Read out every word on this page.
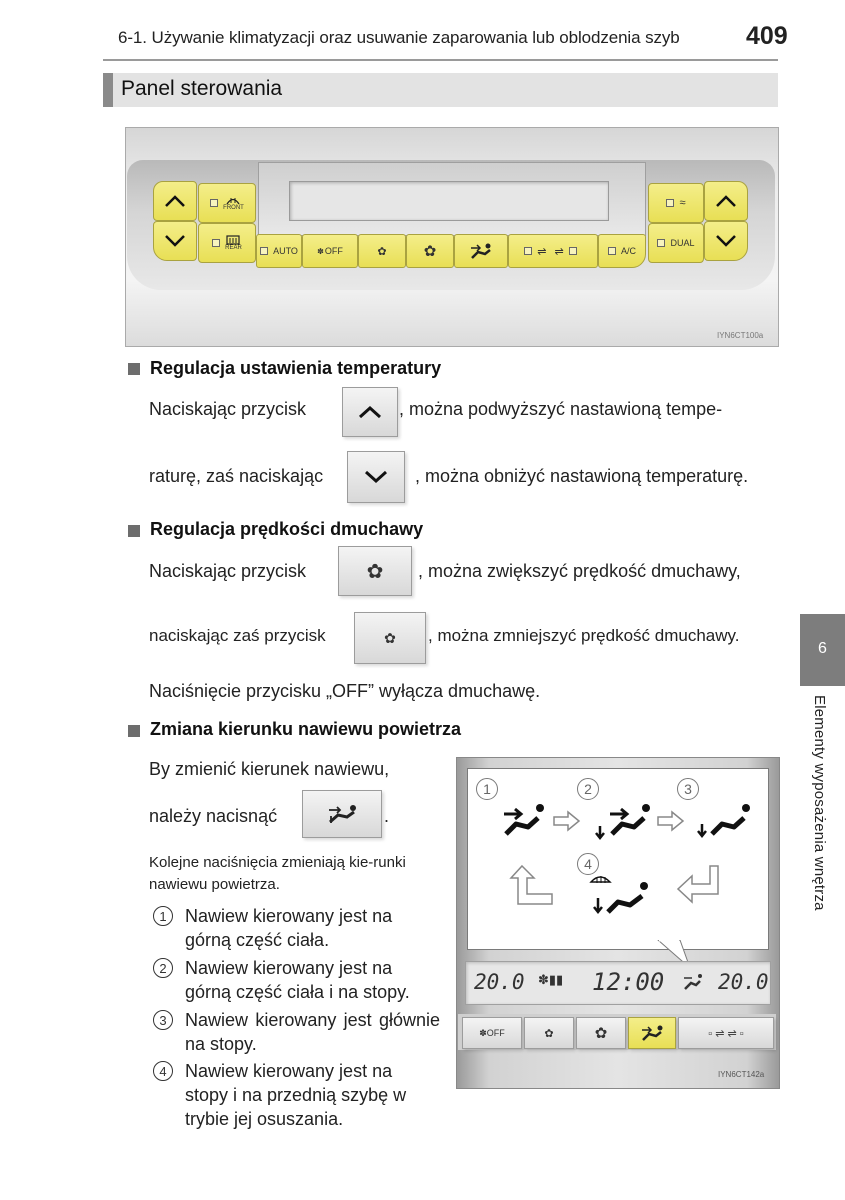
6-1. Używanie klimatyzacji oraz usuwanie zaparowania lub oblodzenia szyb	409
Panel sterowania
6
Elementy wyposażenia wnętrza
FRONT
REAR	AUTO ✽ OFF	✿ ✿	⇌ ⇌	A/C
≈
DUAL
IYN6CT100a
Regulacja ustawienia temperatury
Naciskając przycisk	, można podwyższyć nastawioną tempe-
raturę, zaś naciskając	, można obniżyć nastawioną temperaturę.
Regulacja prędkości dmuchawy
Naciskając przycisk	✿ , można zwiększyć prędkość dmuchawy,
naciskając zaś przycisk	✿ , można zmniejszyć prędkość dmuchawy.
Naciśnięcie przycisku „OFF” wyłącza dmuchawę.
Zmiana kierunku nawiewu powietrza
By zmienić kierunek nawiewu,
należy nacisnąć	.
Kolejne naciśnięcia zmieniają kie-runki nawiewu powietrza.
1	Nawiew kierowany jest na górną część ciała.
2	Nawiew kierowany jest na górną część ciała i na stopy.
3	Nawiew kierowany jest głównie na stopy.
4	Nawiew kierowany jest na stopy i na przednią szybę w trybie jej osuszania.
1	2	3
4
20.0 ✽▮▮ 12:00	20.0
✽ OFF	✿	✿	▫ ⇌ ⇌ ▫
IYN6CT142a
